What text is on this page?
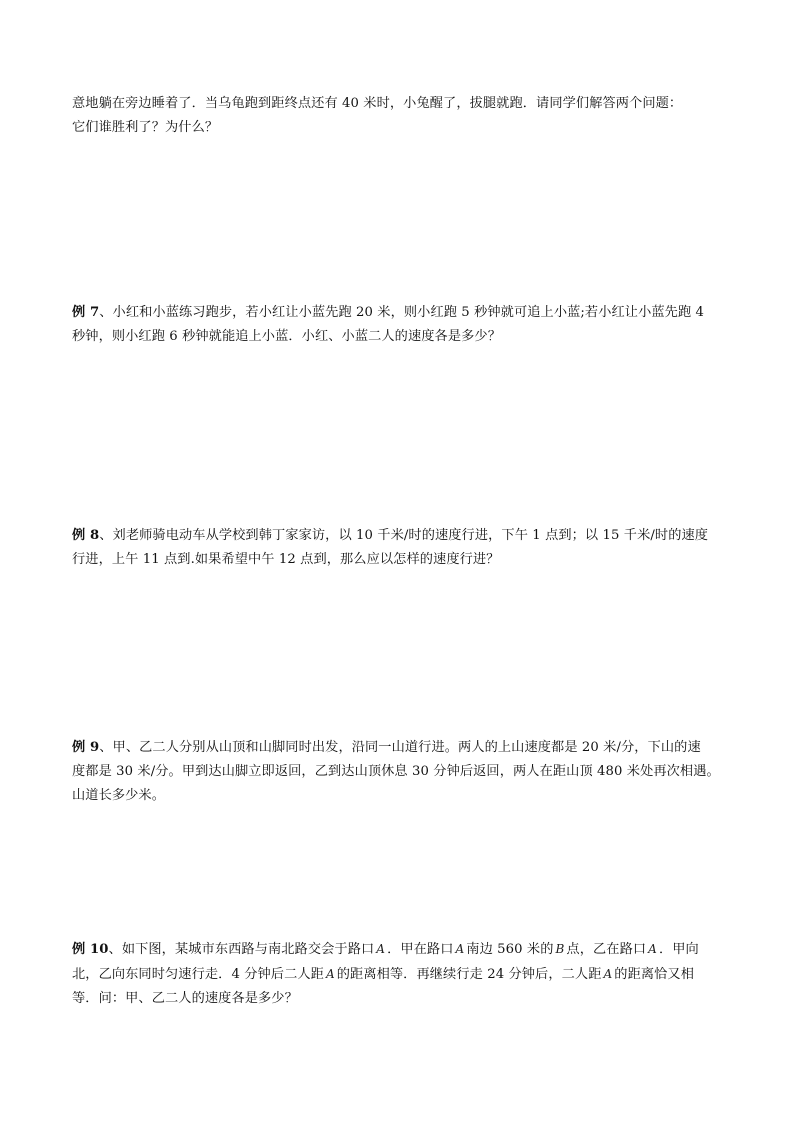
意地躺在旁边睡着了．当乌龟跑到距终点还有 40 米时，小兔醒了，拔腿就跑．请同学们解答两个问题：
它们谁胜利了？为什么？
例 7、小红和小蓝练习跑步，若小红让小蓝先跑 20 米，则小红跑 5 秒钟就可追上小蓝;若小红让小蓝先跑 4
秒钟，则小红跑 6 秒钟就能追上小蓝．小红、小蓝二人的速度各是多少？
例 8、刘老师骑电动车从学校到韩丁家家访，以 10 千米/时的速度行进，下午 1 点到；以 15 千米/时的速度
行进，上午 11 点到.如果希望中午 12 点到，那么应以怎样的速度行进？
例 9、甲、乙二人分别从山顶和山脚同时出发，沿同一山道行进。两人的上山速度都是 20 米/分，下山的速
度都是 30 米/分。甲到达山脚立即返回，乙到达山顶休息 30 分钟后返回，两人在距山顶 480 米处再次相遇。
山道长多少米。
例 10、如下图，某城市东西路与南北路交会于路口 A ．甲在路口 A 南边 560 米的 B 点，乙在路口 A ．甲向
北，乙向东同时匀速行走．4 分钟后二人距 A 的距离相等．再继续行走 24 分钟后，二人距 A 的距离恰又相
等．问：甲、乙二人的速度各是多少？
